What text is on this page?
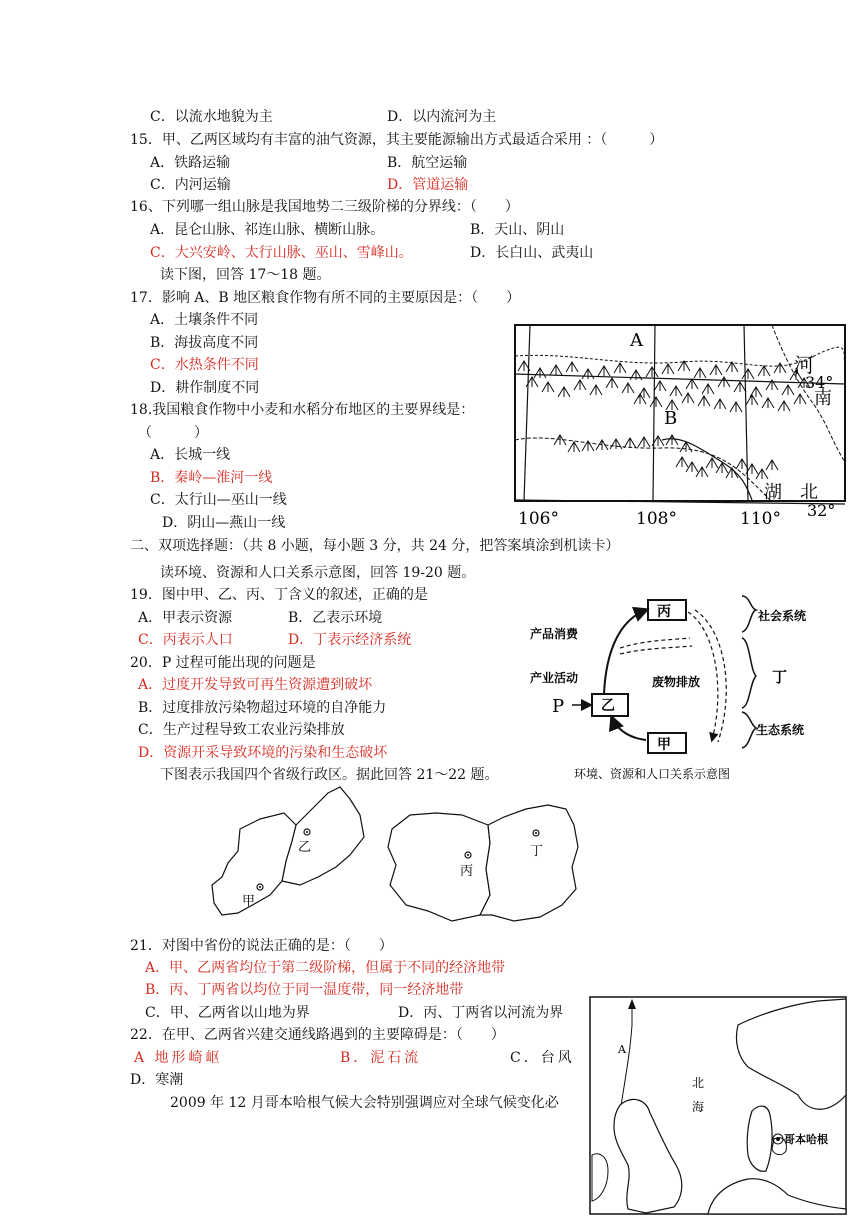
C．以流水地貌为主	D．以内流河为主
15．甲、乙两区域均有丰富的油气资源，其主要能源输出方式最适合采用 ：（　　　）
A．铁路运输	B．航空运输
C．内河运输	D．管道运输
16、下列哪一组山脉是我国地势二三级阶梯的分界线：（　　）
A．昆仑山脉、祁连山脉、横断山脉。	B．天山、阴山
C．大兴安岭、太行山脉、巫山、雪峰山。	D．长白山、武夷山
读下图，回答 17～18 题。
17．影响 A、B 地区粮食作物有所不同的主要原因是：（　　）
A．土壤条件不同
B．海拔高度不同
C．水热条件不同
D．耕作制度不同
18.我国粮食作物中小麦和水稻分布地区的主要界线是：
（　　　）
A．长城一线
B．秦岭—淮河一线
C．太行山—巫山一线
D．阴山—燕山一线
二、双项选择题：（共 8 小题，每小题 3 分，共 24 分，把答案填涂到机读卡）
读环境、资源和人口关系示意图，回答 19-20 题。
19．图中甲、乙、丙、丁含义的叙述，正确的是
A．甲表示资源	B．乙表示环境
C．丙表示人口	D．丁表示经济系统
20．P 过程可能出现的问题是
A．过度开发导致可再生资源遭到破坏
B．过度排放污染物超过环境的自净能力
C．生产过程导致工农业污染排放
D．资源开采导致环境的污染和生态破坏
下图表示我国四个省级行政区。据此回答 21～22 题。
21．对图中省份的说法正确的是：（　　）
A．甲、乙两省均位于第二级阶梯，但属于不同的经济地带
B．丙、丁两省以均位于同一温度带，同一经济地带
C．甲、乙两省以山地为界	D．丙、丁两省以河流为界
22．在甲、乙两省兴建交通线路遇到的主要障碍是：（　　）
A 地形崎岖	B．泥石流	C．台风
D．寒潮
2009 年 12 月哥本哈根气候大会特别强调应对全球气候变化必
A
B
河
34°
南
湖　北
32°
106°	108°	110°
丙
乙
甲
P
产品消费
产业活动	废物排放
社会系统
丁
生态系统
环境、资源和人口关系示意图
乙
甲
丙
丁
A
北
海
哥本哈根
